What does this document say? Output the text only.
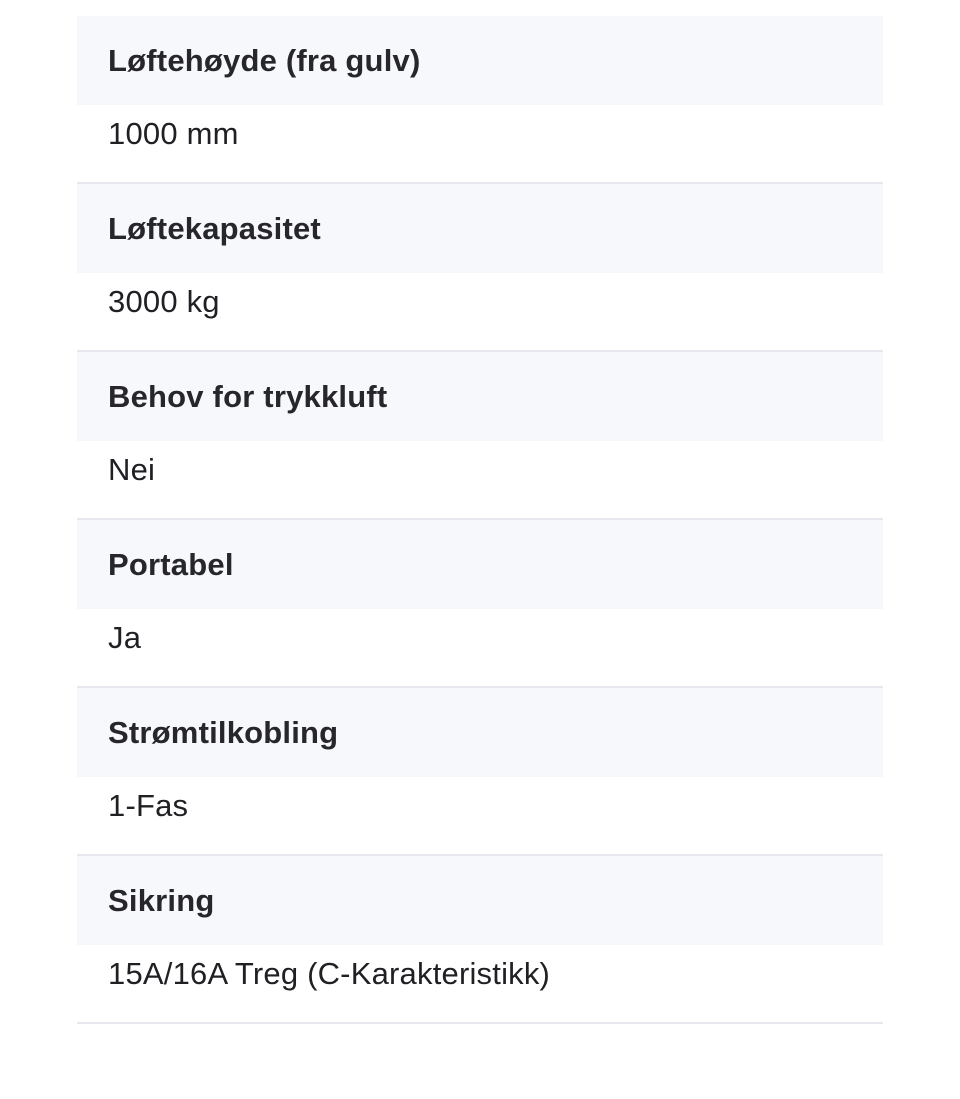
Løftehøyde (fra gulv)
1000 mm
Løftekapasitet
3000 kg
Behov for trykkluft
Nei
Portabel
Ja
Strømtilkobling
1-Fas
Sikring
15A/16A Treg (C-Karakteristikk)
